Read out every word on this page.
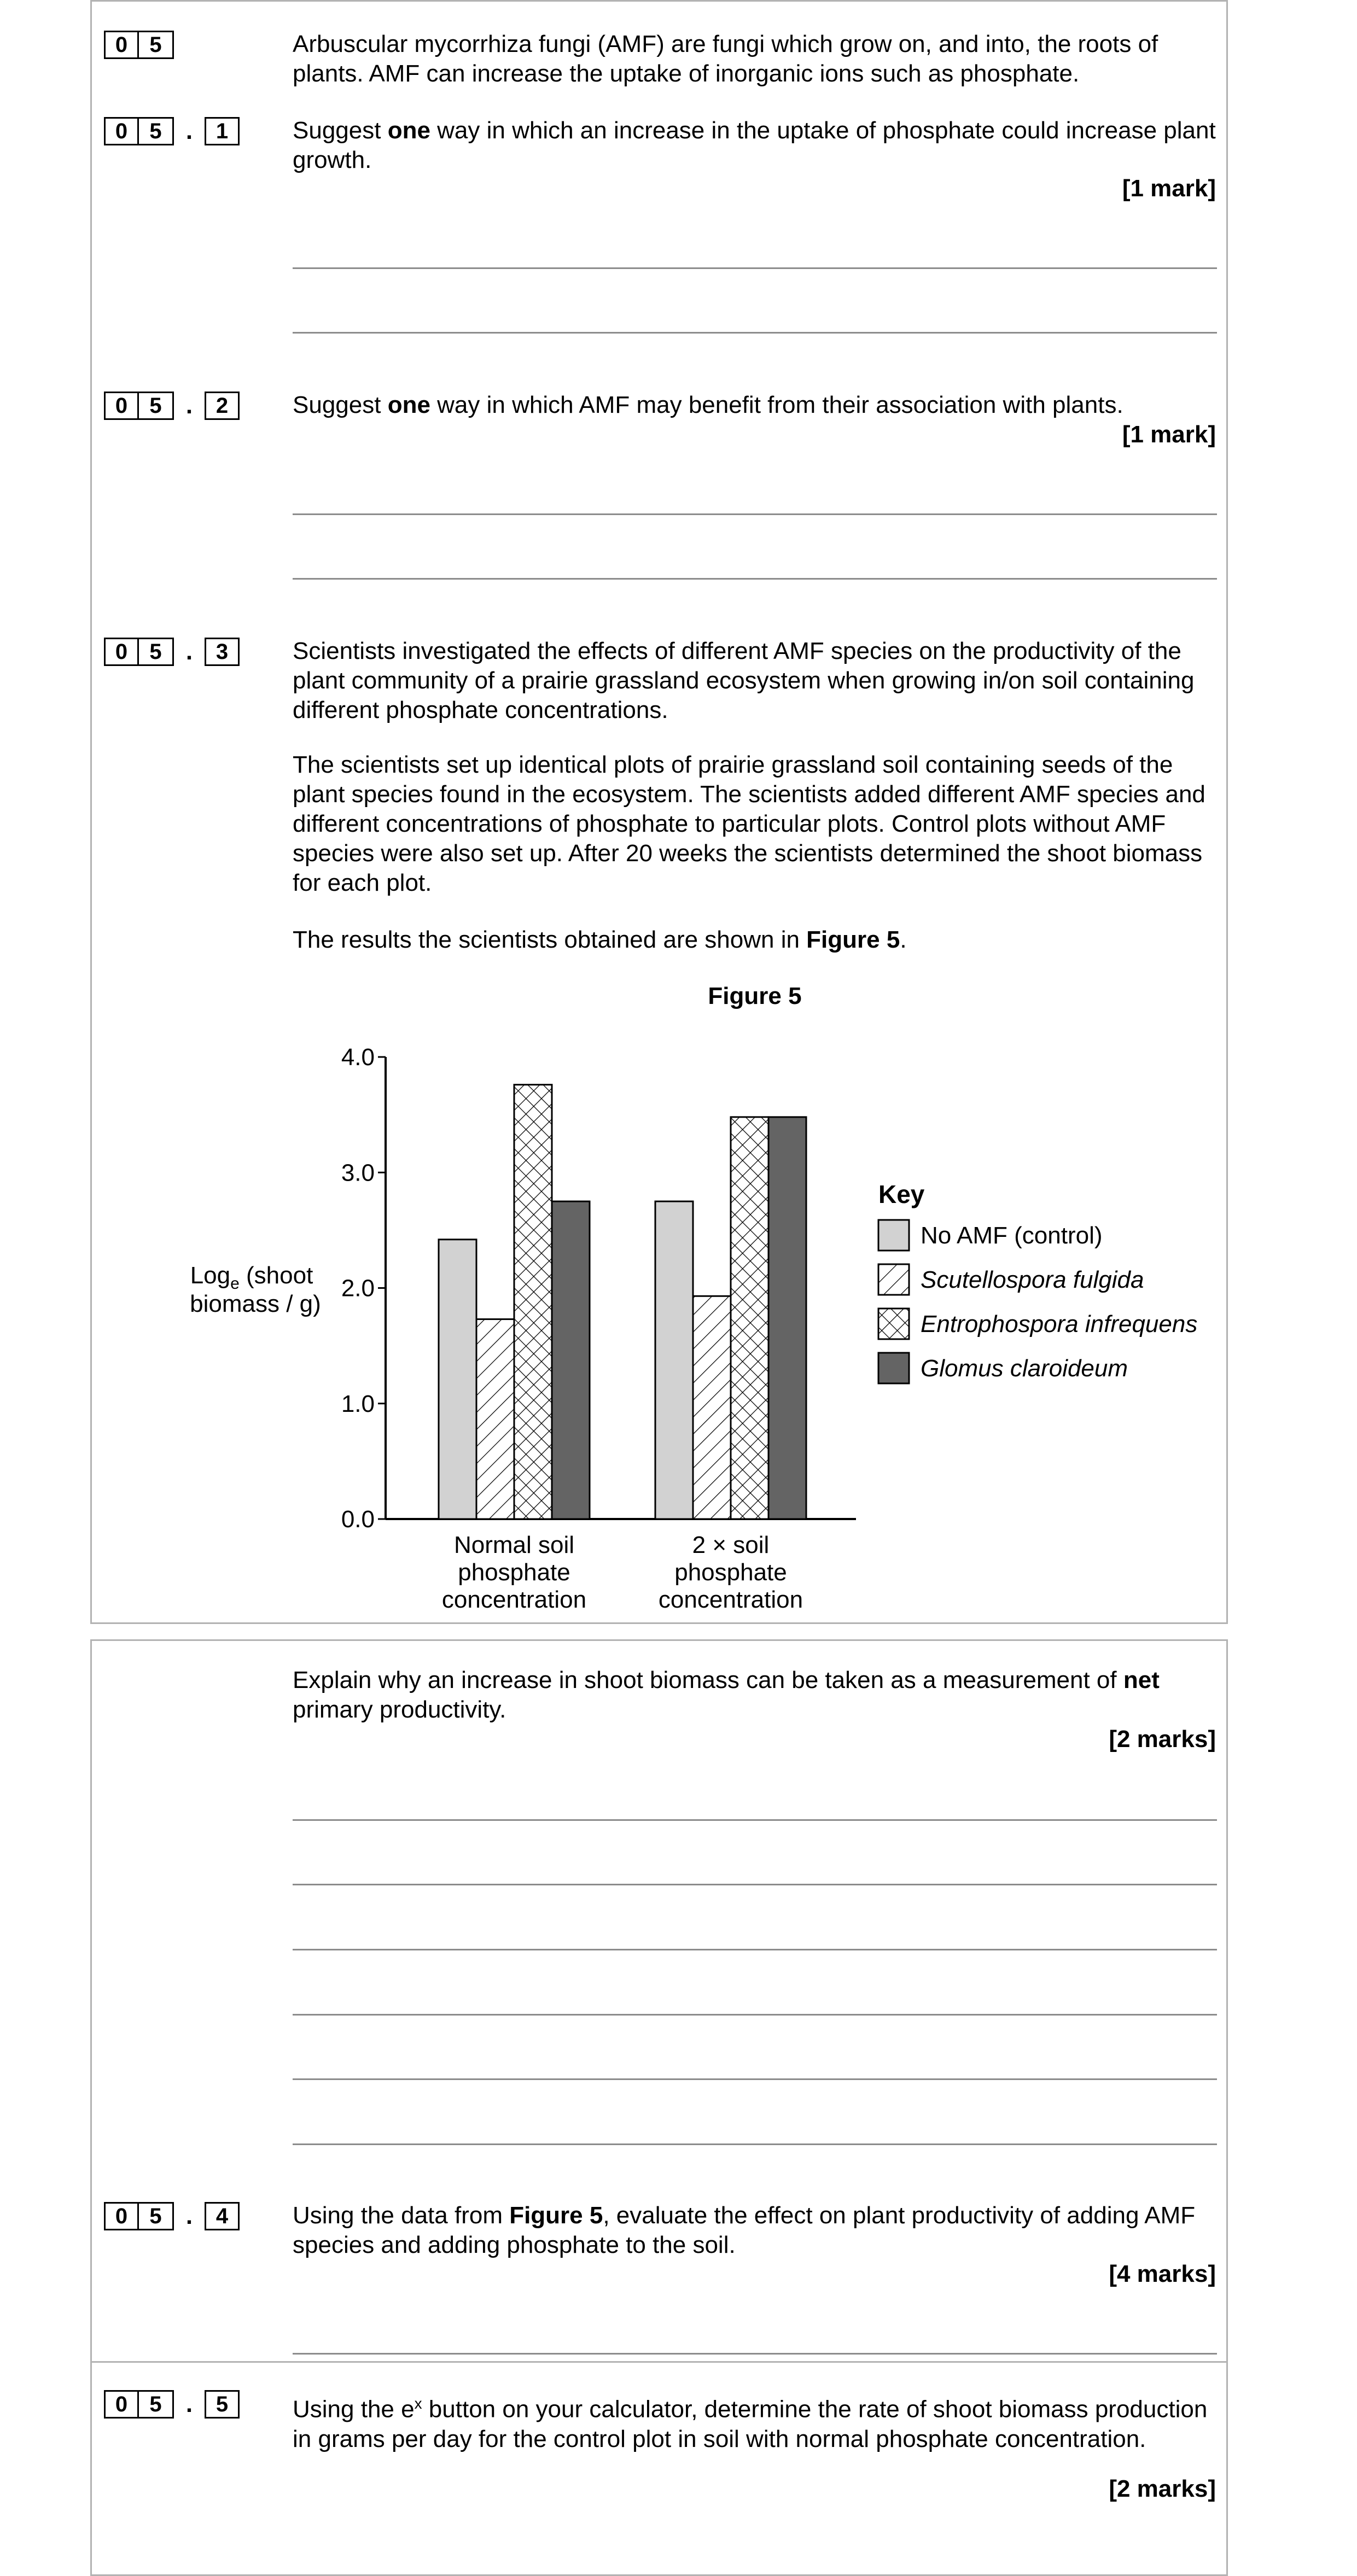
0	5	Arbuscular mycorrhiza fungi (AMF) are fungi which grow on, and into, the roots of plants. AMF can increase the uptake of inorganic ions such as phosphate.

0	5	.	1	Suggest one way in which an increase in the uptake of phosphate could increase plant growth.

[1 mark]
0	5	.	2	Suggest one way in which AMF may benefit from their association with plants.

[1 mark]
0	5	.	3	Scientists investigated the effects of different AMF species on the productivity of the plant community of a prairie grassland ecosystem when growing in/on soil containing different phosphate concentrations.

The scientists set up identical plots of prairie grassland soil containing seeds of the plant species found in the ecosystem. The scientists added different AMF species and different concentrations of phosphate to particular plots. Control plots without AMF species were also set up. After 20 weeks the scientists determined the shoot biomass for each plot.

The results the scientists obtained are shown in Figure 5.

Figure 5
0.0
1.0
2.0
3.0
4.0
Normal soil
phosphate
concentration
2 × soil
phosphate
concentration
Log$_e$ (shoot
biomass / g)
Key
No AMF (control)
Scutellospora fulgida
Entrophospora infrequens
Glomus claroideum

Explain why an increase in shoot biomass can be taken as a measurement of net primary productivity.

[2 marks]
0	5	.	4	Using the data from Figure 5, evaluate the effect on plant productivity of adding AMF species and adding phosphate to the soil.

[4 marks]
0	5	.	5	Using the $e^x$ button on your calculator, determine the rate of shoot biomass production in grams per day for the control plot in soil with normal phosphate concentration.

[2 marks]
